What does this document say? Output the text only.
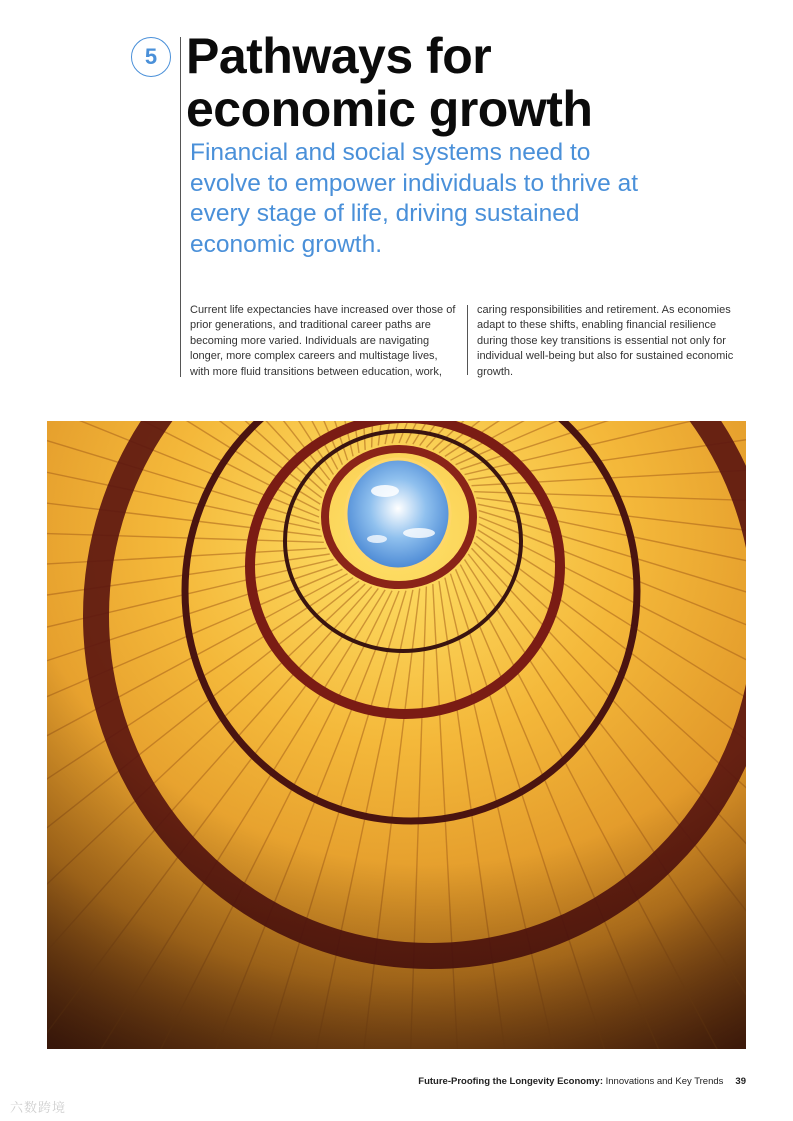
5 Pathways for
economic growth

Financial and social systems need to evolve to empower individuals to thrive at every stage of life, driving sustained economic growth.

Current life expectancies have increased over those of prior generations, and traditional career paths are becoming more varied. Individuals are navigating longer, more complex careers and multistage lives, with more fluid transitions between education, work,

caring responsibilities and retirement. As economies adapt to these shifts, enabling financial resilience during those key transitions is essential not only for individual well-being but also for sustained economic growth.

Future-Proofing the Longevity Economy: Innovations and Key Trends 39
六数跨境
